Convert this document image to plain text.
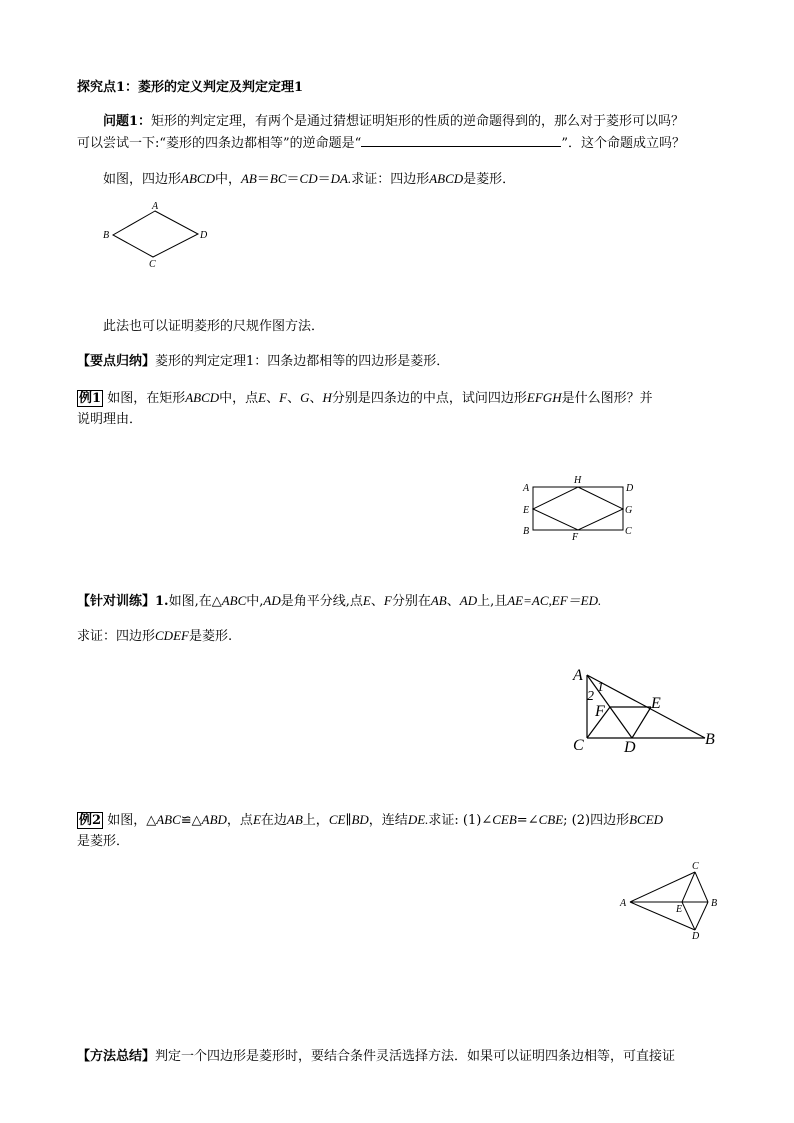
探究点1：菱形的定义判定及判定定理1
问题1：矩形的判定定理，有两个是通过猜想证明矩形的性质的逆命题得到的，那么对于菱形可以吗？
可以尝试一下:“菱形的四条边都相等”的逆命题是“	”．这个命题成立吗？
如图，四边形ABCD中，AB＝BC＝CD＝DA.求证：四边形ABCD是菱形．
A
B
C
D
此法也可以证明菱形的尺规作图方法．
【要点归纳】菱形的判定定理1：四条边都相等的四边形是菱形．
例1 如图，在矩形ABCD中，点E、F、G、H分别是四条边的中点，试问四边形EFGH是什么图形？并
说明理由．
A
H
D
E	G
B
F
C
【针对训练】1.如图,在△ABC中,AD是角平分线,点E、F分别在AB、AD上,且AE=AC,EF＝ED.
求证：四边形CDEF是菱形.
A
1
2
F	E
C	D	B
例2 如图，△ABC≌△ABD，点E在边AB上，CE∥BD，连结DE.求证: (1)∠CEB=∠CBE; (2)四边形BCED
是菱形．
A
C
E
B
D
【方法总结】判定一个四边形是菱形时，要结合条件灵活选择方法．如果可以证明四条边相等，可直接证
